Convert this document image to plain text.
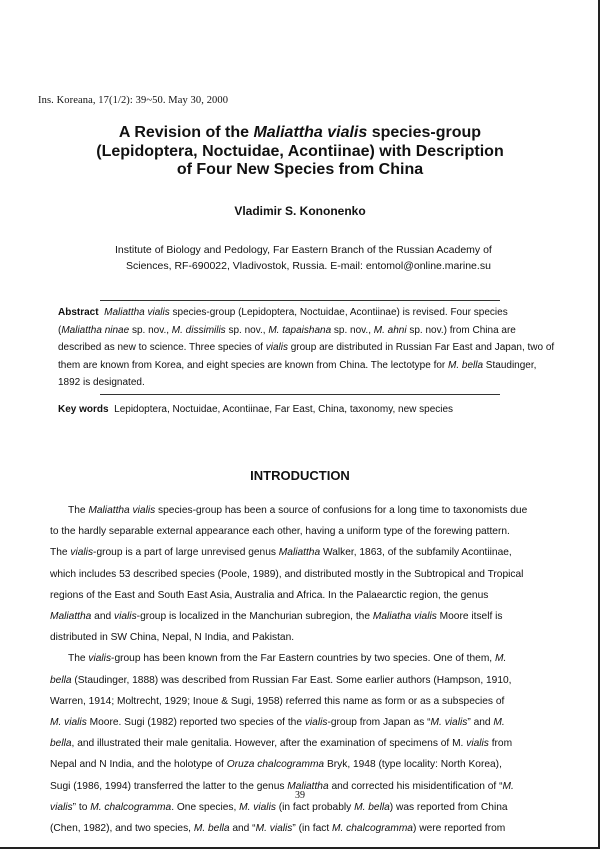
Ins. Koreana, 17(1/2): 39~50. May 30, 2000
A Revision of the Maliattha vialis species-group
(Lepidoptera, Noctuidae, Acontiinae) with Description
of Four New Species from China
Vladimir S. Kononenko
Institute of Biology and Pedology, Far Eastern Branch of the Russian Academy of
Sciences, RF-690022, Vladivostok, Russia. E-mail: entomol@online.marine.su
Abstract Maliattha vialis species-group (Lepidoptera, Noctuidae, Acontiinae) is revised. Four species
(Maliattha ninae sp. nov., M. dissimilis sp. nov., M. tapaishana sp. nov., M. ahni sp. nov.) from China are
described as new to science. Three species of vialis group are distributed in Russian Far East and Japan, two of
them are known from Korea, and eight species are known from China. The lectotype for M. bella Staudinger,
1892 is designated.
Key words Lepidoptera, Noctuidae, Acontiinae, Far East, China, taxonomy, new species
INTRODUCTION
The Maliattha vialis species-group has been a source of confusions for a long time to taxonomists due
to the hardly separable external appearance each other, having a uniform type of the forewing pattern.
The vialis-group is a part of large unrevised genus Maliattha Walker, 1863, of the subfamily Acontiinae,
which includes 53 described species (Poole, 1989), and distributed mostly in the Subtropical and Tropical
regions of the East and South East Asia, Australia and Africa. In the Palaearctic region, the genus
Maliattha and vialis-group is localized in the Manchurian subregion, the Maliatha vialis Moore itself is
distributed in SW China, Nepal, N India, and Pakistan.
The vialis-group has been known from the Far Eastern countries by two species. One of them, M.
bella (Staudinger, 1888) was described from Russian Far East. Some earlier authors (Hampson, 1910,
Warren, 1914; Moltrecht, 1929; Inoue & Sugi, 1958) referred this name as form or as a subspecies of
M. vialis Moore. Sugi (1982) reported two species of the vialis-group from Japan as “M. vialis” and M.
bella, and illustrated their male genitalia. However, after the examination of specimens of M. vialis from
Nepal and N India, and the holotype of Oruza chalcogramma Bryk, 1948 (type locality: North Korea),
Sugi (1986, 1994) transferred the latter to the genus Maliattha and corrected his misidentification of “M.
vialis” to M. chalcogramma. One species, M. vialis (in fact probably M. bella) was reported from China
(Chen, 1982), and two species, M. bella and “M. vialis” (in fact M. chalcogramma) were reported from
39
